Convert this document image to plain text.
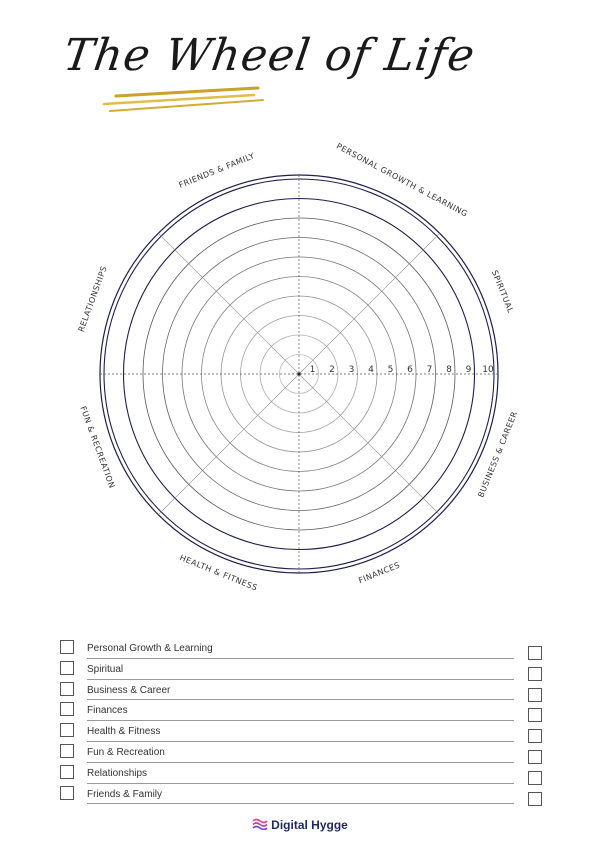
The Wheel of Life
1 2 3 4 5 6 7 8 9 10
FRIENDS & FAMILY	PERSONAL GROWTH & LEARNING
SPIRITUAL
BUSINESS & CAREER
FINANCES
HEALTH & FITNESS
FUN & RECREATION
RELATIONSHIPS
Personal Growth & Learning
Spiritual
Business & Career
Finances
Health & Fitness
Fun & Recreation
Relationships
Friends & Family
Digital Hygge
